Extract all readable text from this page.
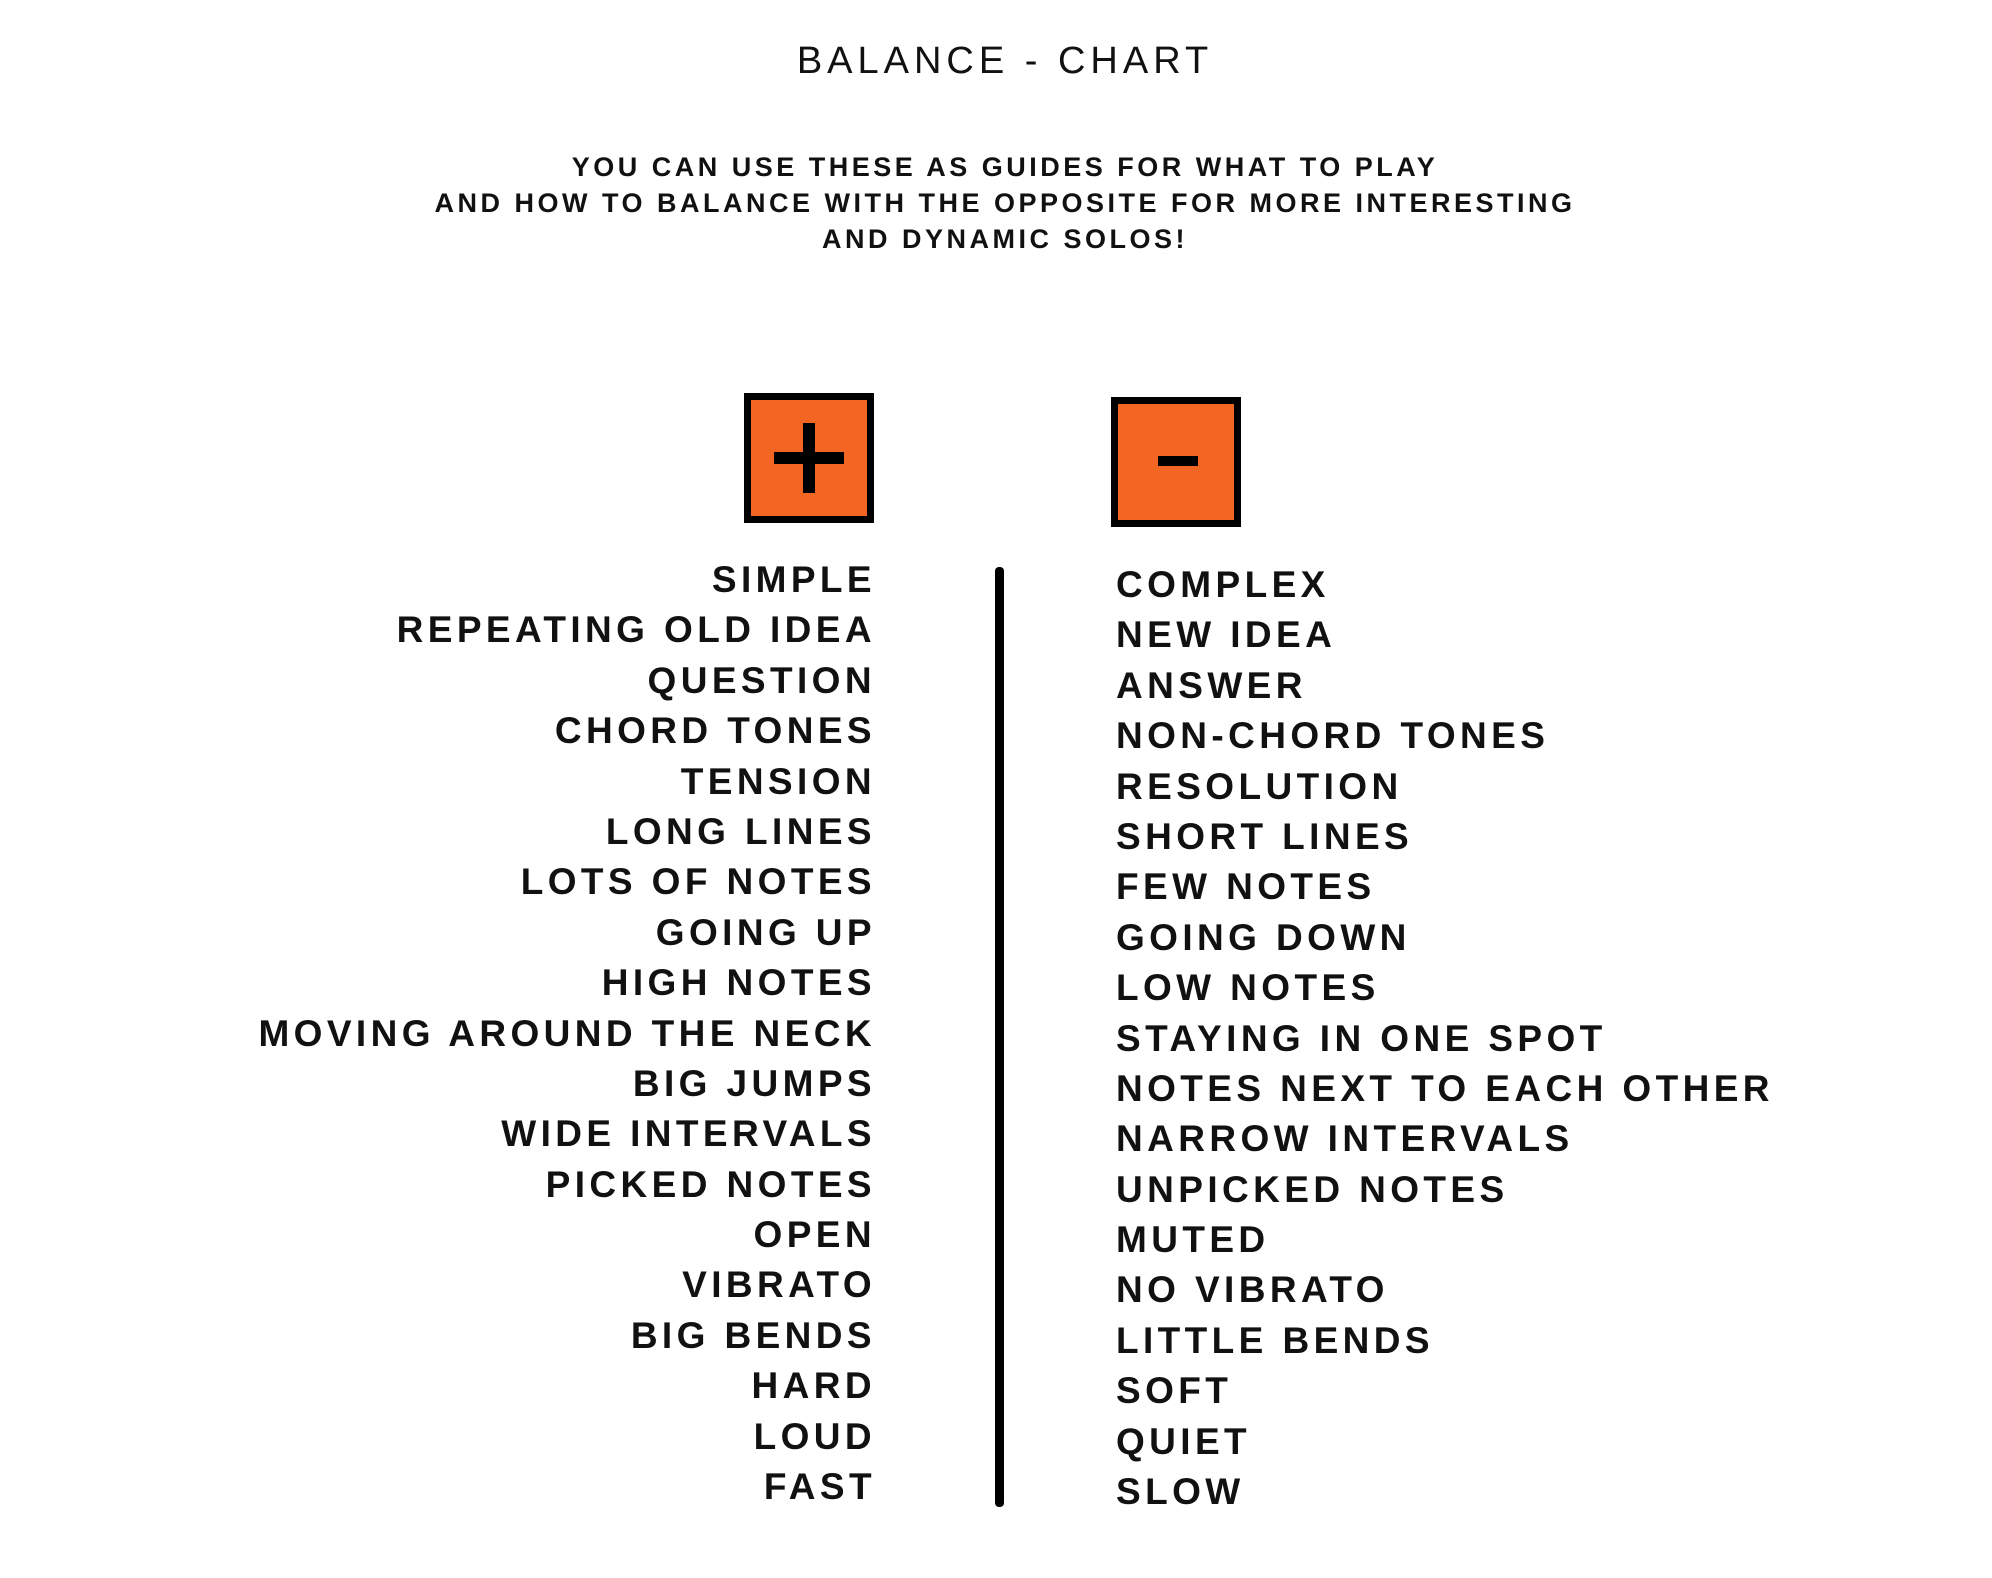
BALANCE - CHART
YOU CAN USE THESE AS GUIDES FOR WHAT TO PLAY
AND HOW TO BALANCE WITH THE OPPOSITE FOR MORE INTERESTING
AND DYNAMIC SOLOS!
SIMPLE
REPEATING OLD IDEA
QUESTION
CHORD TONES
TENSION
LONG LINES
LOTS OF NOTES
GOING UP
HIGH NOTES
MOVING AROUND THE NECK
BIG JUMPS
WIDE INTERVALS
PICKED NOTES
OPEN
VIBRATO
BIG BENDS
HARD
LOUD
FAST
COMPLEX
NEW IDEA
ANSWER
NON-CHORD TONES
RESOLUTION
SHORT LINES
FEW NOTES
GOING DOWN
LOW NOTES
STAYING IN ONE SPOT
NOTES NEXT TO EACH OTHER
NARROW INTERVALS
UNPICKED NOTES
MUTED
NO VIBRATO
LITTLE BENDS
SOFT
QUIET
SLOW
